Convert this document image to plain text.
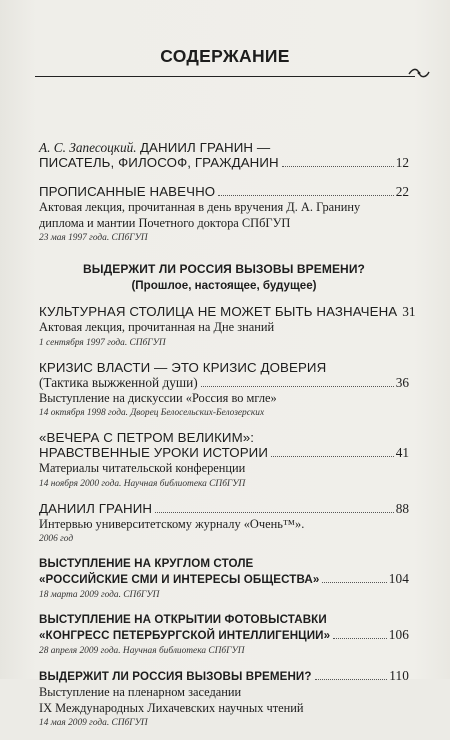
СОДЕРЖАНИЕ
А. С. Запесоцкий. ДАНИИЛ ГРАНИН —
ПИСАТЕЛЬ, ФИЛОСОФ, ГРАЖДАНИН	12
ПРОПИСАННЫЕ НАВЕЧНО	22
Актовая лекция, прочитанная в день вручения Д. А. Гранину
диплома и мантии Почетного доктора СПбГУП
23 мая 1997 года. СПбГУП
ВЫДЕРЖИТ ЛИ РОССИЯ ВЫЗОВЫ ВРЕМЕНИ?
(Прошлое, настоящее, будущее)
КУЛЬТУРНАЯ СТОЛИЦА НЕ МОЖЕТ БЫТЬ НАЗНАЧЕНА 31
Актовая лекция, прочитанная на Дне знаний
1 сентября 1997 года. СПбГУП
КРИЗИС ВЛАСТИ — ЭТО КРИЗИС ДОВЕРИЯ
(Тактика выжженной души)	36
Выступление на дискуссии «Россия во мгле»
14 октября 1998 года. Дворец Белосельских-Белозерских
«ВЕЧЕРА С ПЕТРОМ ВЕЛИКИМ»:
НРАВСТВЕННЫЕ УРОКИ ИСТОРИИ	41
Материалы читательской конференции
14 ноября 2000 года. Научная библиотека СПбГУП
ДАНИИЛ ГРАНИН	88
Интервью университетскому журналу «Очень™».
2006 год
ВЫСТУПЛЕНИЕ НА КРУГЛОМ СТОЛЕ
«РОССИЙСКИЕ СМИ И ИНТЕРЕСЫ ОБЩЕСТВА»	104
18 марта 2009 года. СПбГУП
ВЫСТУПЛЕНИЕ НА ОТКРЫТИИ ФОТОВЫСТАВКИ
«КОНГРЕСС ПЕТЕРБУРГСКОЙ ИНТЕЛЛИГЕНЦИИ»	106
28 апреля 2009 года. Научная библиотека СПбГУП
ВЫДЕРЖИТ ЛИ РОССИЯ ВЫЗОВЫ ВРЕМЕНИ?	110
Выступление на пленарном заседании
IX Международных Лихачевских научных чтений
14 мая 2009 года. СПбГУП
